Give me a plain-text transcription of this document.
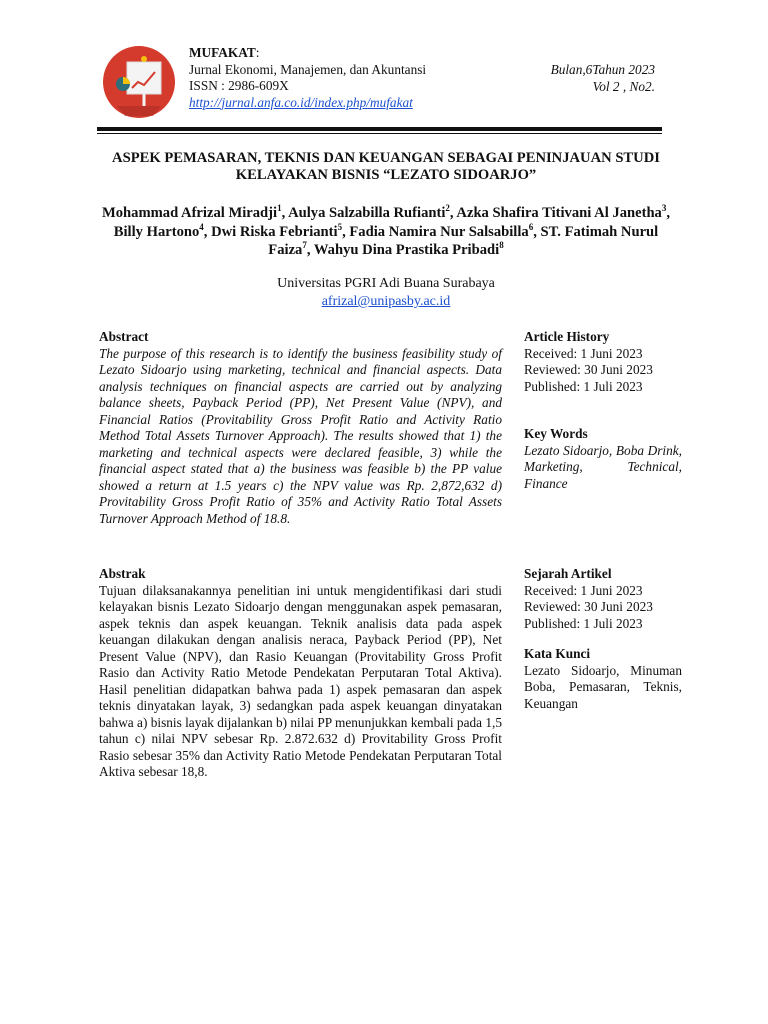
MUFAKAT:
Jurnal Ekonomi, Manajemen, dan Akuntansi
ISSN : 2986-609X
http://jurnal.anfa.co.id/index.php/mufakat
Bulan,6Tahun 2023
Vol 2 , No2.
ASPEK PEMASARAN, TEKNIS DAN KEUANGAN SEBAGAI PENINJAUAN STUDI KELAYAKAN BISNIS “LEZATO SIDOARJO”
Mohammad Afrizal Miradji$^1$, Aulya Salzabilla Rufianti$^2$, Azka Shafira Titivani Al Janetha$^3$, Billy Hartono$^4$, Dwi Riska Febrianti$^5$, Fadia Namira Nur Salsabilla$^6$, ST. Fatimah Nurul Faiza$^7$, Wahyu Dina Prastika Pribadi$^8$
Universitas PGRI Adi Buana Surabaya
afrizal@unipasby.ac.id
Abstract

The purpose of this research is to identify the business feasibility study of Lezato Sidoarjo using marketing, technical and financial aspects. Data analysis techniques on financial aspects are carried out by analyzing balance sheets, Payback Period (PP), Net Present Value (NPV), and Financial Ratios (Provitability Gross Profit Ratio and Activity Ratio Method Total Assets Turnover Approach). The results showed that 1) the marketing and technical aspects were declared feasible, 3) while the financial aspect stated that a) the business was feasible b) the PP value showed a return at 1.5 years c) the NPV value was Rp. 2,872,632 d) Provitability Gross Profit Ratio of 35% and Activity Ratio Total Assets Turnover Approach Method of 18.8.

Article History

Received: 1 Juni 2023

Reviewed: 30 Juni 2023

Published: 1 Juli 2023

Key Words

Lezato Sidoarjo, Boba Drink, Marketing, Technical, Finance

Abstrak

Tujuan dilaksanakannya penelitian ini untuk mengidentifikasi dari studi kelayakan bisnis Lezato Sidoarjo dengan menggunakan aspek pemasaran, aspek teknis dan aspek keuangan. Teknik analisis data pada aspek keuangan dilakukan dengan analisis neraca, Payback Period (PP), Net Present Value (NPV), dan Rasio Keuangan (Provitability Gross Profit Rasio dan Activity Ratio Metode Pendekatan Perputaran Total Aktiva). Hasil penelitian didapatkan bahwa pada 1) aspek pemasaran dan aspek teknis dinyatakan layak, 3) sedangkan pada aspek keuangan dinyatakan bahwa a) bisnis layak dijalankan b) nilai PP menunjukkan kembali pada 1,5 tahun c) nilai NPV sebesar Rp. 2.872.632 d) Provitability Gross Profit Rasio sebesar 35% dan Activity Ratio Metode Pendekatan Perputaran Total Aktiva sebesar 18,8.

Sejarah Artikel

Received: 1 Juni 2023

Reviewed: 30 Juni 2023

Published: 1 Juli 2023

Kata Kunci

Lezato Sidoarjo, Minuman Boba, Pemasaran, Teknis, Keuangan
